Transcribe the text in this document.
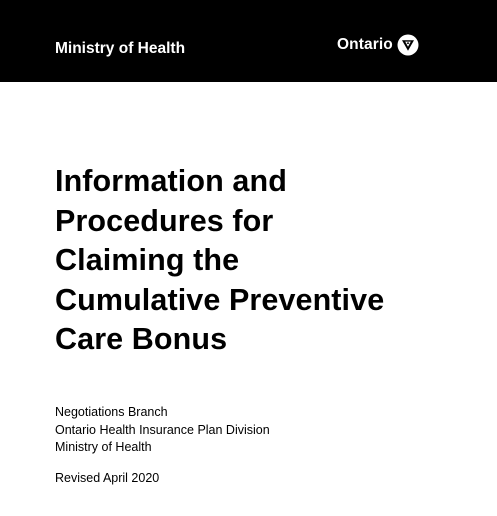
Ministry of Health	Ontario
Information and
Procedures for
Claiming the
Cumulative Preventive
Care Bonus
Negotiations Branch
Ontario Health Insurance Plan Division
Ministry of Health
Revised April 2020
